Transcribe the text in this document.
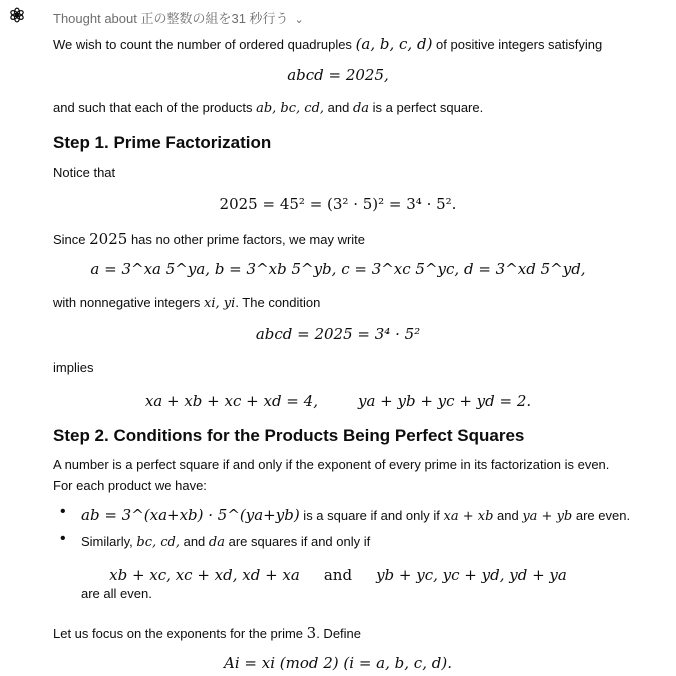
Thought about 正の整数の組を31 秒行う ⌄
We wish to count the number of ordered quadruples (a, b, c, d) of positive integers satisfying
abcd = 2025,
and such that each of the products ab, bc, cd, and da is a perfect square.
Step 1. Prime Factorization
Notice that
2025 = 45² = (3² · 5)² = 3⁴ · 5².
Since 2025 has no other prime factors, we may write
a = 3^xa 5^ya, b = 3^xb 5^yb, c = 3^xc 5^yc, d = 3^xd 5^yd,
with nonnegative integers xi, yi. The condition
abcd = 2025 = 3⁴ · 5²
implies
xa + xb + xc + xd = 4,	ya + yb + yc + yd = 2.
Step 2. Conditions for the Products Being Perfect Squares
A number is a perfect square if and only if the exponent of every prime in its factorization is even.
For each product we have:
• ab = 3^(xa+xb) · 5^(ya+yb) is a square if and only if xa + xb and ya + yb are even.
• Similarly, bc, cd, and da are squares if and only if
xb + xc, xc + xd, xd + xa and yb + yc, yc + yd, yd + ya
are all even.
Let us focus on the exponents for the prime 3. Define
Ai = xi (mod 2) (i = a, b, c, d).
